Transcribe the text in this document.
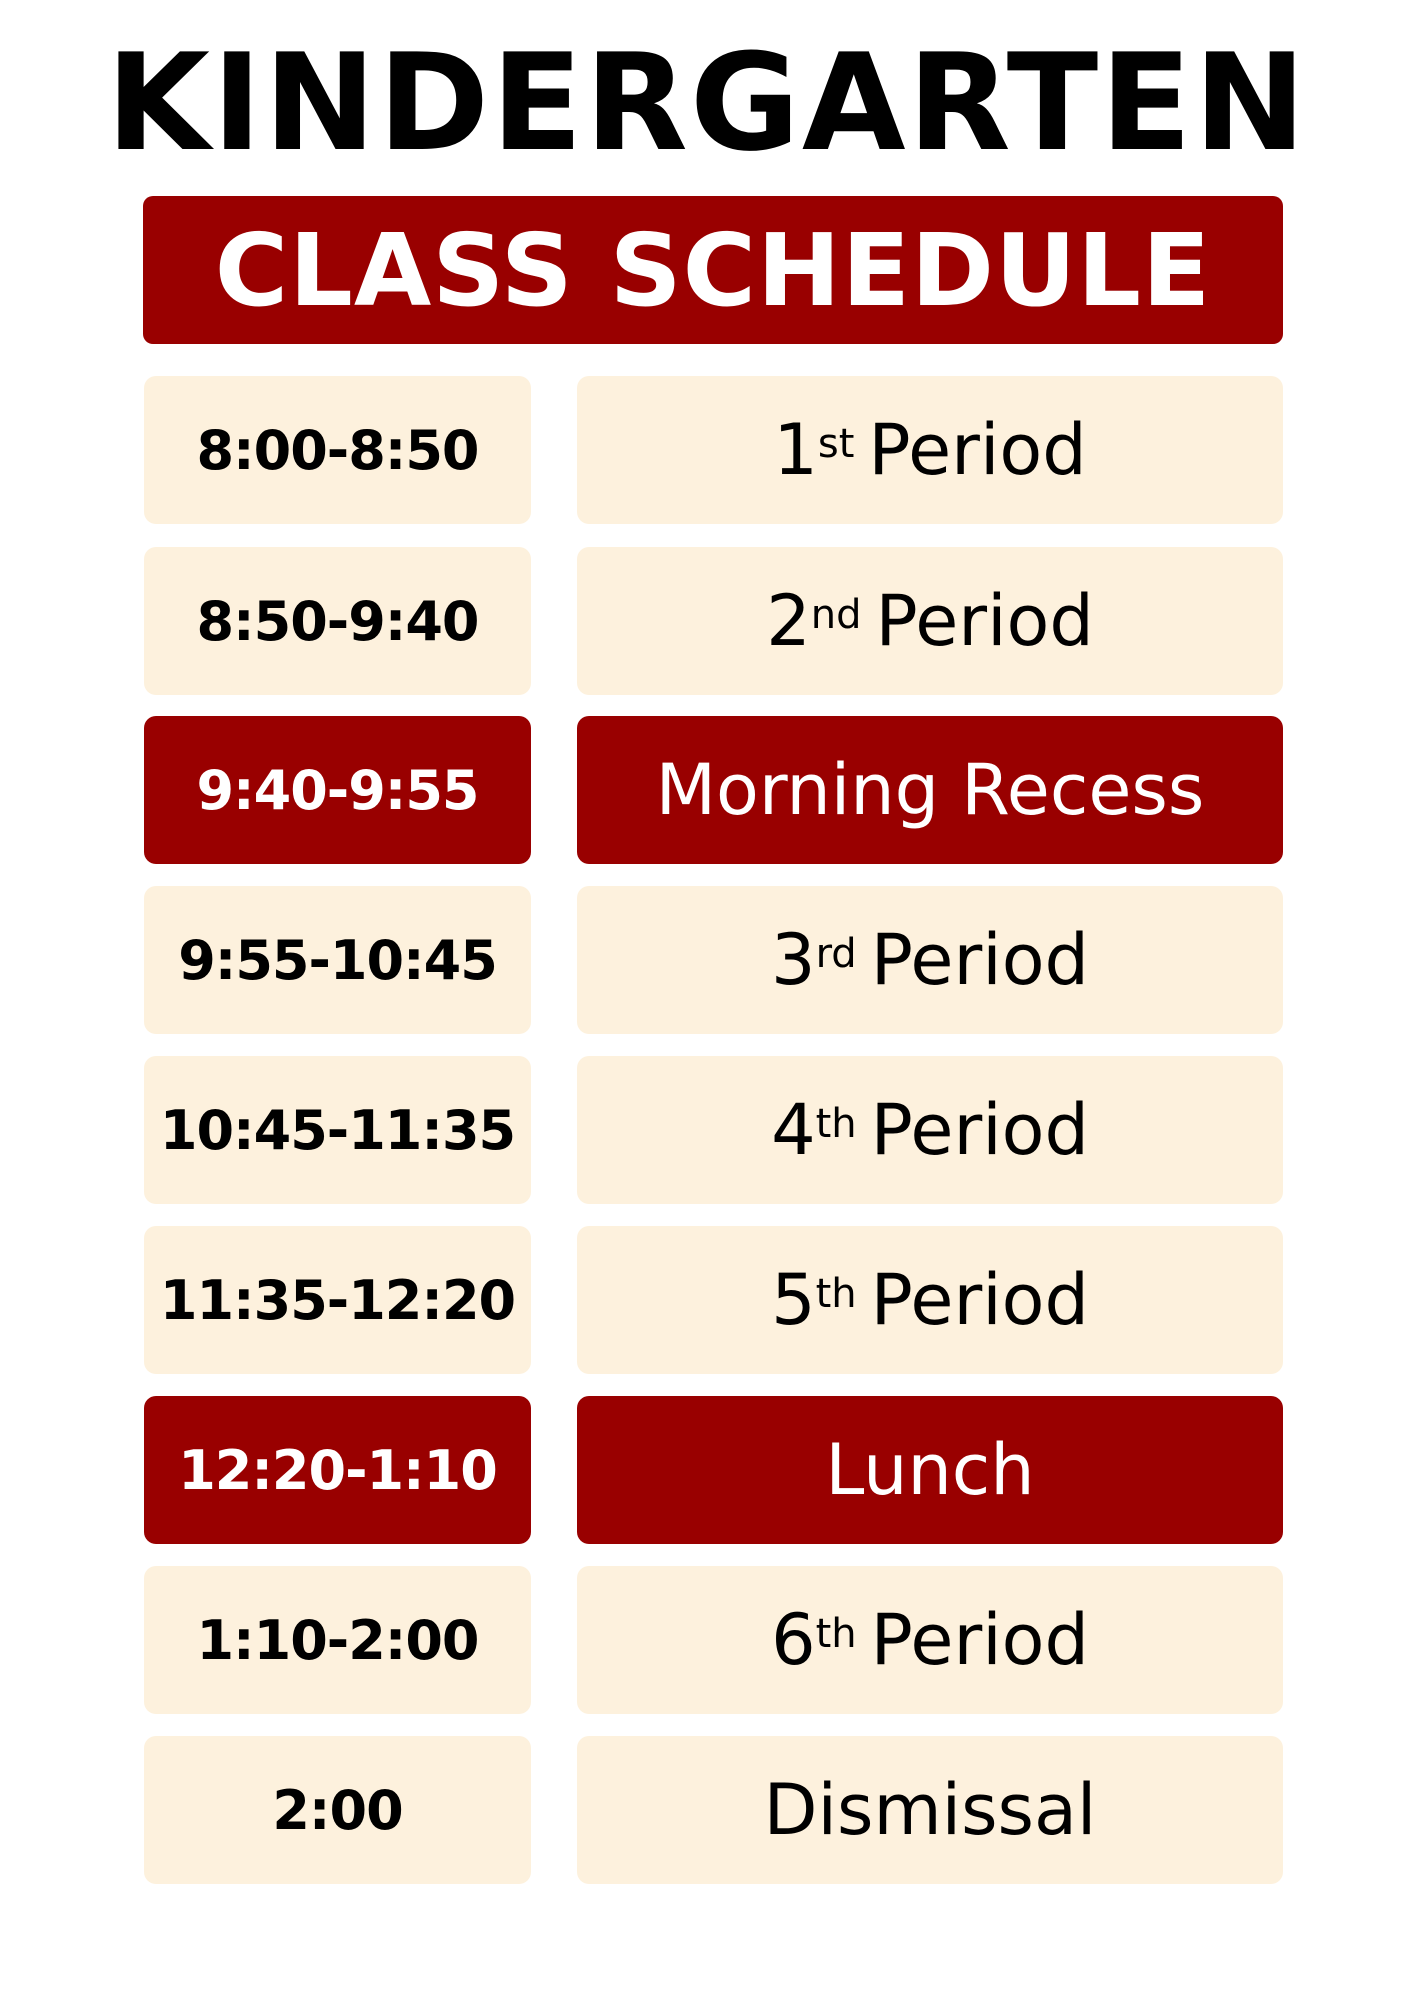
KINDERGARTEN
CLASS SCHEDULE
8:00-8:50	1st Period
8:50-9:40	2nd Period
9:40-9:55	Morning Recess
9:55-10:45	3rd Period
10:45-11:35	4th Period
11:35-12:20	5th Period
12:20-1:10	Lunch
1:10-2:00	6th Period
2:00	Dismissal
